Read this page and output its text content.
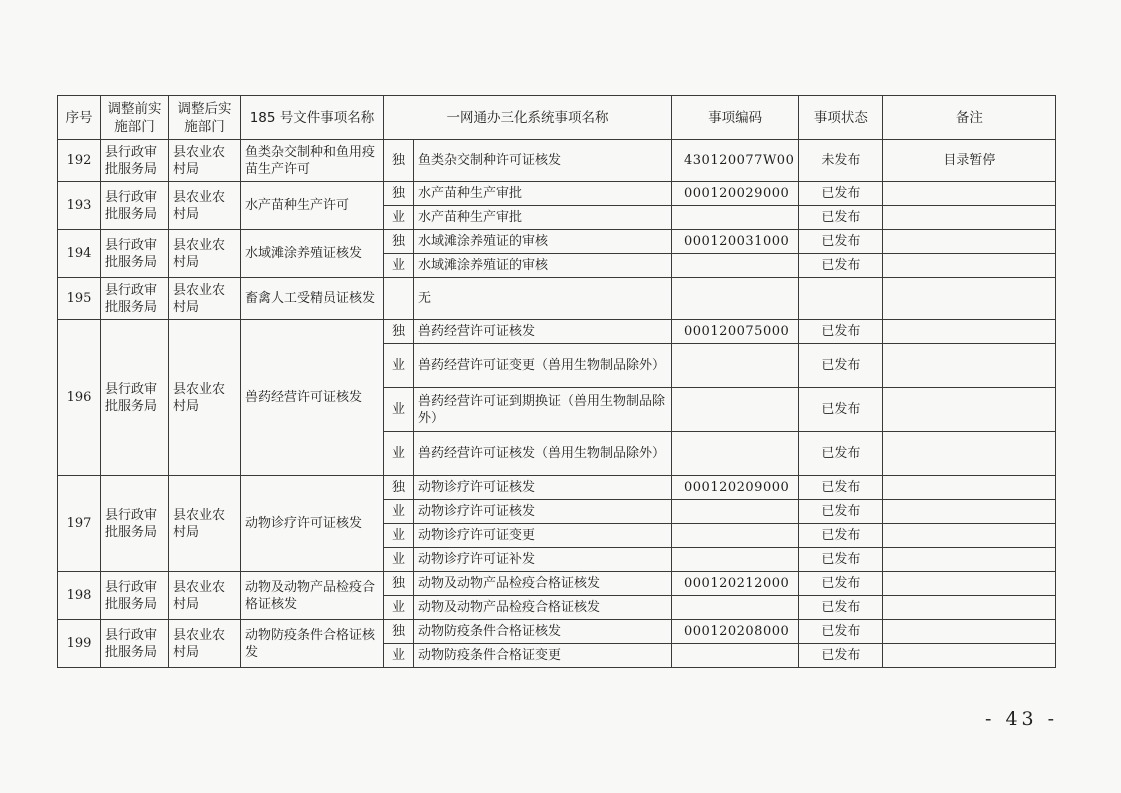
序号	调整前实施部门	调整后实施部门	185 号文件事项名称	一网通办三化系统事项名称		事项编码	事项状态	备注
192	县行政审批服务局	县农业农村局	鱼类杂交制种和鱼用疫苗生产许可	独	鱼类杂交制种许可证核发	430120077W00	未发布	目录暂停
193	县行政审批服务局	县农业农村局	水产苗种生产许可	独	水产苗种生产审批	000120029000	已发布	
				业	水产苗种生产审批		已发布	
194	县行政审批服务局	县农业农村局	水域滩涂养殖证核发	独	水域滩涂养殖证的审核	000120031000	已发布	
				业	水域滩涂养殖证的审核		已发布	
195	县行政审批服务局	县农业农村局	畜禽人工受精员证核发		无			
196	县行政审批服务局	县农业农村局	兽药经营许可证核发	独	兽药经营许可证核发	000120075000	已发布	
				业	兽药经营许可证变更（兽用生物制品除外）		已发布	
				业	兽药经营许可证到期换证（兽用生物制品除外）		已发布	
				业	兽药经营许可证核发（兽用生物制品除外）		已发布	
197	县行政审批服务局	县农业农村局	动物诊疗许可证核发	独	动物诊疗许可证核发	000120209000	已发布	
				业	动物诊疗许可证核发		已发布	
				业	动物诊疗许可证变更		已发布	
				业	动物诊疗许可证补发		已发布	
198	县行政审批服务局	县农业农村局	动物及动物产品检疫合格证核发	独	动物及动物产品检疫合格证核发	000120212000	已发布	
				业	动物及动物产品检疫合格证核发		已发布	
199	县行政审批服务局	县农业农村局	动物防疫条件合格证核发	独	动物防疫条件合格证核发	000120208000	已发布	
				业	动物防疫条件合格证变更		已发布	
- 43 -
